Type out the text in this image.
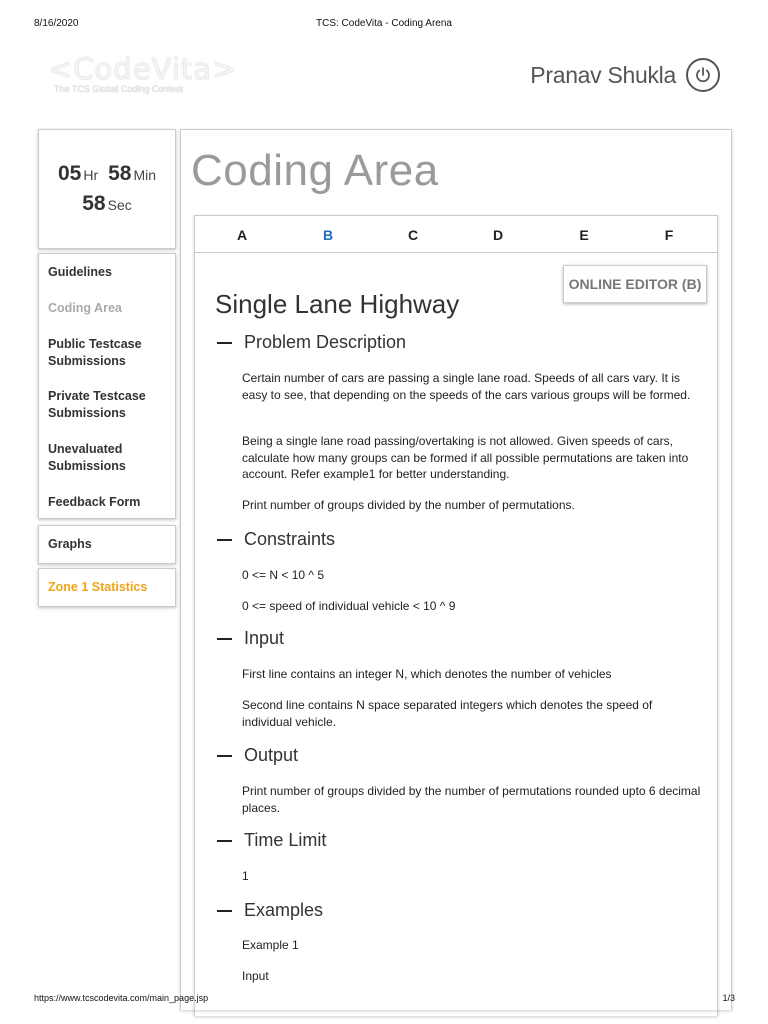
8/16/2020	TCS: CodeVita - Coding Arena
<CodeVita>
The TCS Global Coding Contest
Pranav Shukla
05 Hr 58 Min
58 Sec
Guidelines
Coding Area
Public Testcase Submissions
Private Testcase Submissions
Unevaluated Submissions
Feedback Form
Graphs
Zone 1 Statistics
Coding Area
A	B	C	D	E	F
ONLINE EDITOR (B)
Single Lane Highway
Problem Description
Certain number of cars are passing a single lane road. Speeds of all cars vary. It is easy to see, that depending on the speeds of the cars various groups will be formed.
Being a single lane road passing/overtaking is not allowed. Given speeds of cars, calculate how many groups can be formed if all possible permutations are taken into account. Refer example1 for better understanding.
Print number of groups divided by the number of permutations.
Constraints
0 <= N < 10 ^ 5
0 <= speed of individual vehicle < 10 ^ 9
Input
First line contains an integer N, which denotes the number of vehicles
Second line contains N space separated integers which denotes the speed of individual vehicle.
Output
Print number of groups divided by the number of permutations rounded upto 6 decimal places.
Time Limit
1
Examples
Example 1
Input
https://www.tcscodevita.com/main_page.jsp	1/3
